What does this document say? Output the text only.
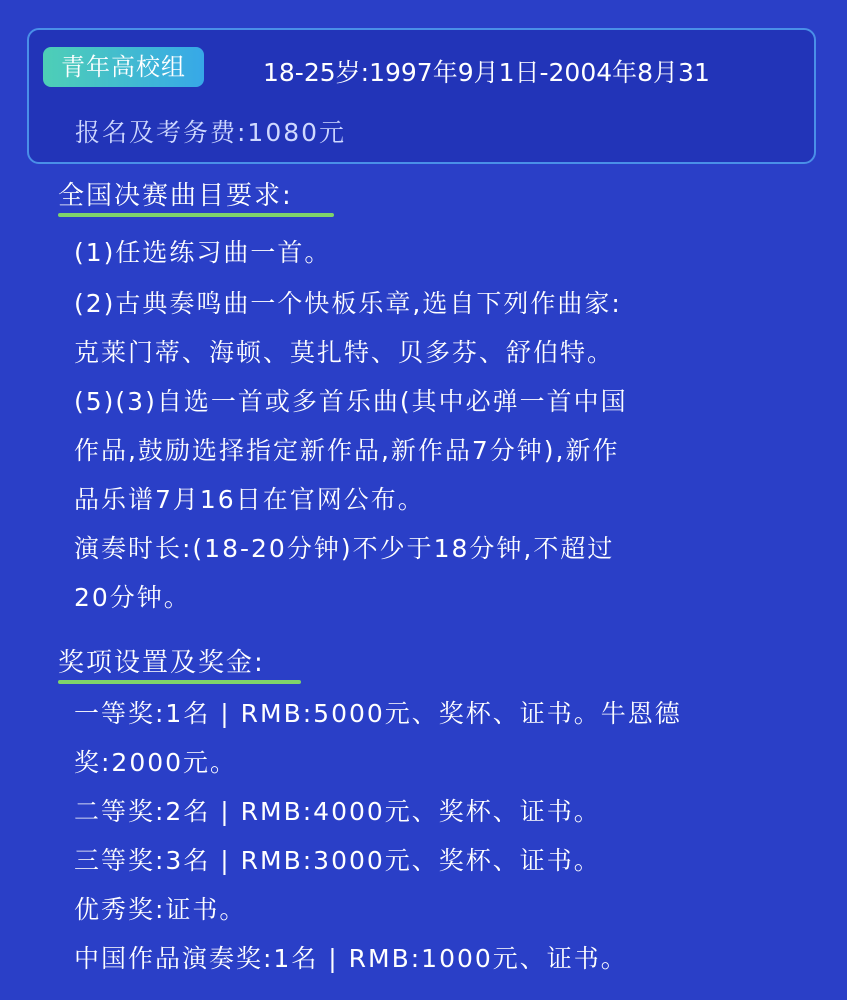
青年高校组	18-25岁:1997年9月1日-2004年8月31
报名及考务费:1080元
全国决赛曲目要求:
(1)任选练习曲一首。
(2)古典奏鸣曲一个快板乐章,选自下列作曲家:
克莱门蒂、海顿、莫扎特、贝多芬、舒伯特。
(5)(3)自选一首或多首乐曲(其中必弹一首中国
作品,鼓励选择指定新作品,新作品7分钟),新作
品乐谱7月16日在官网公布。
演奏时长:(18-20分钟)不少于18分钟,不超过
20分钟。
奖项设置及奖金:
一等奖:1名 | RMB:5000元、奖杯、证书。牛恩德
奖:2000元。
二等奖:2名 | RMB:4000元、奖杯、证书。
三等奖:3名 | RMB:3000元、奖杯、证书。
优秀奖:证书。
中国作品演奏奖:1名 | RMB:1000元、证书。
